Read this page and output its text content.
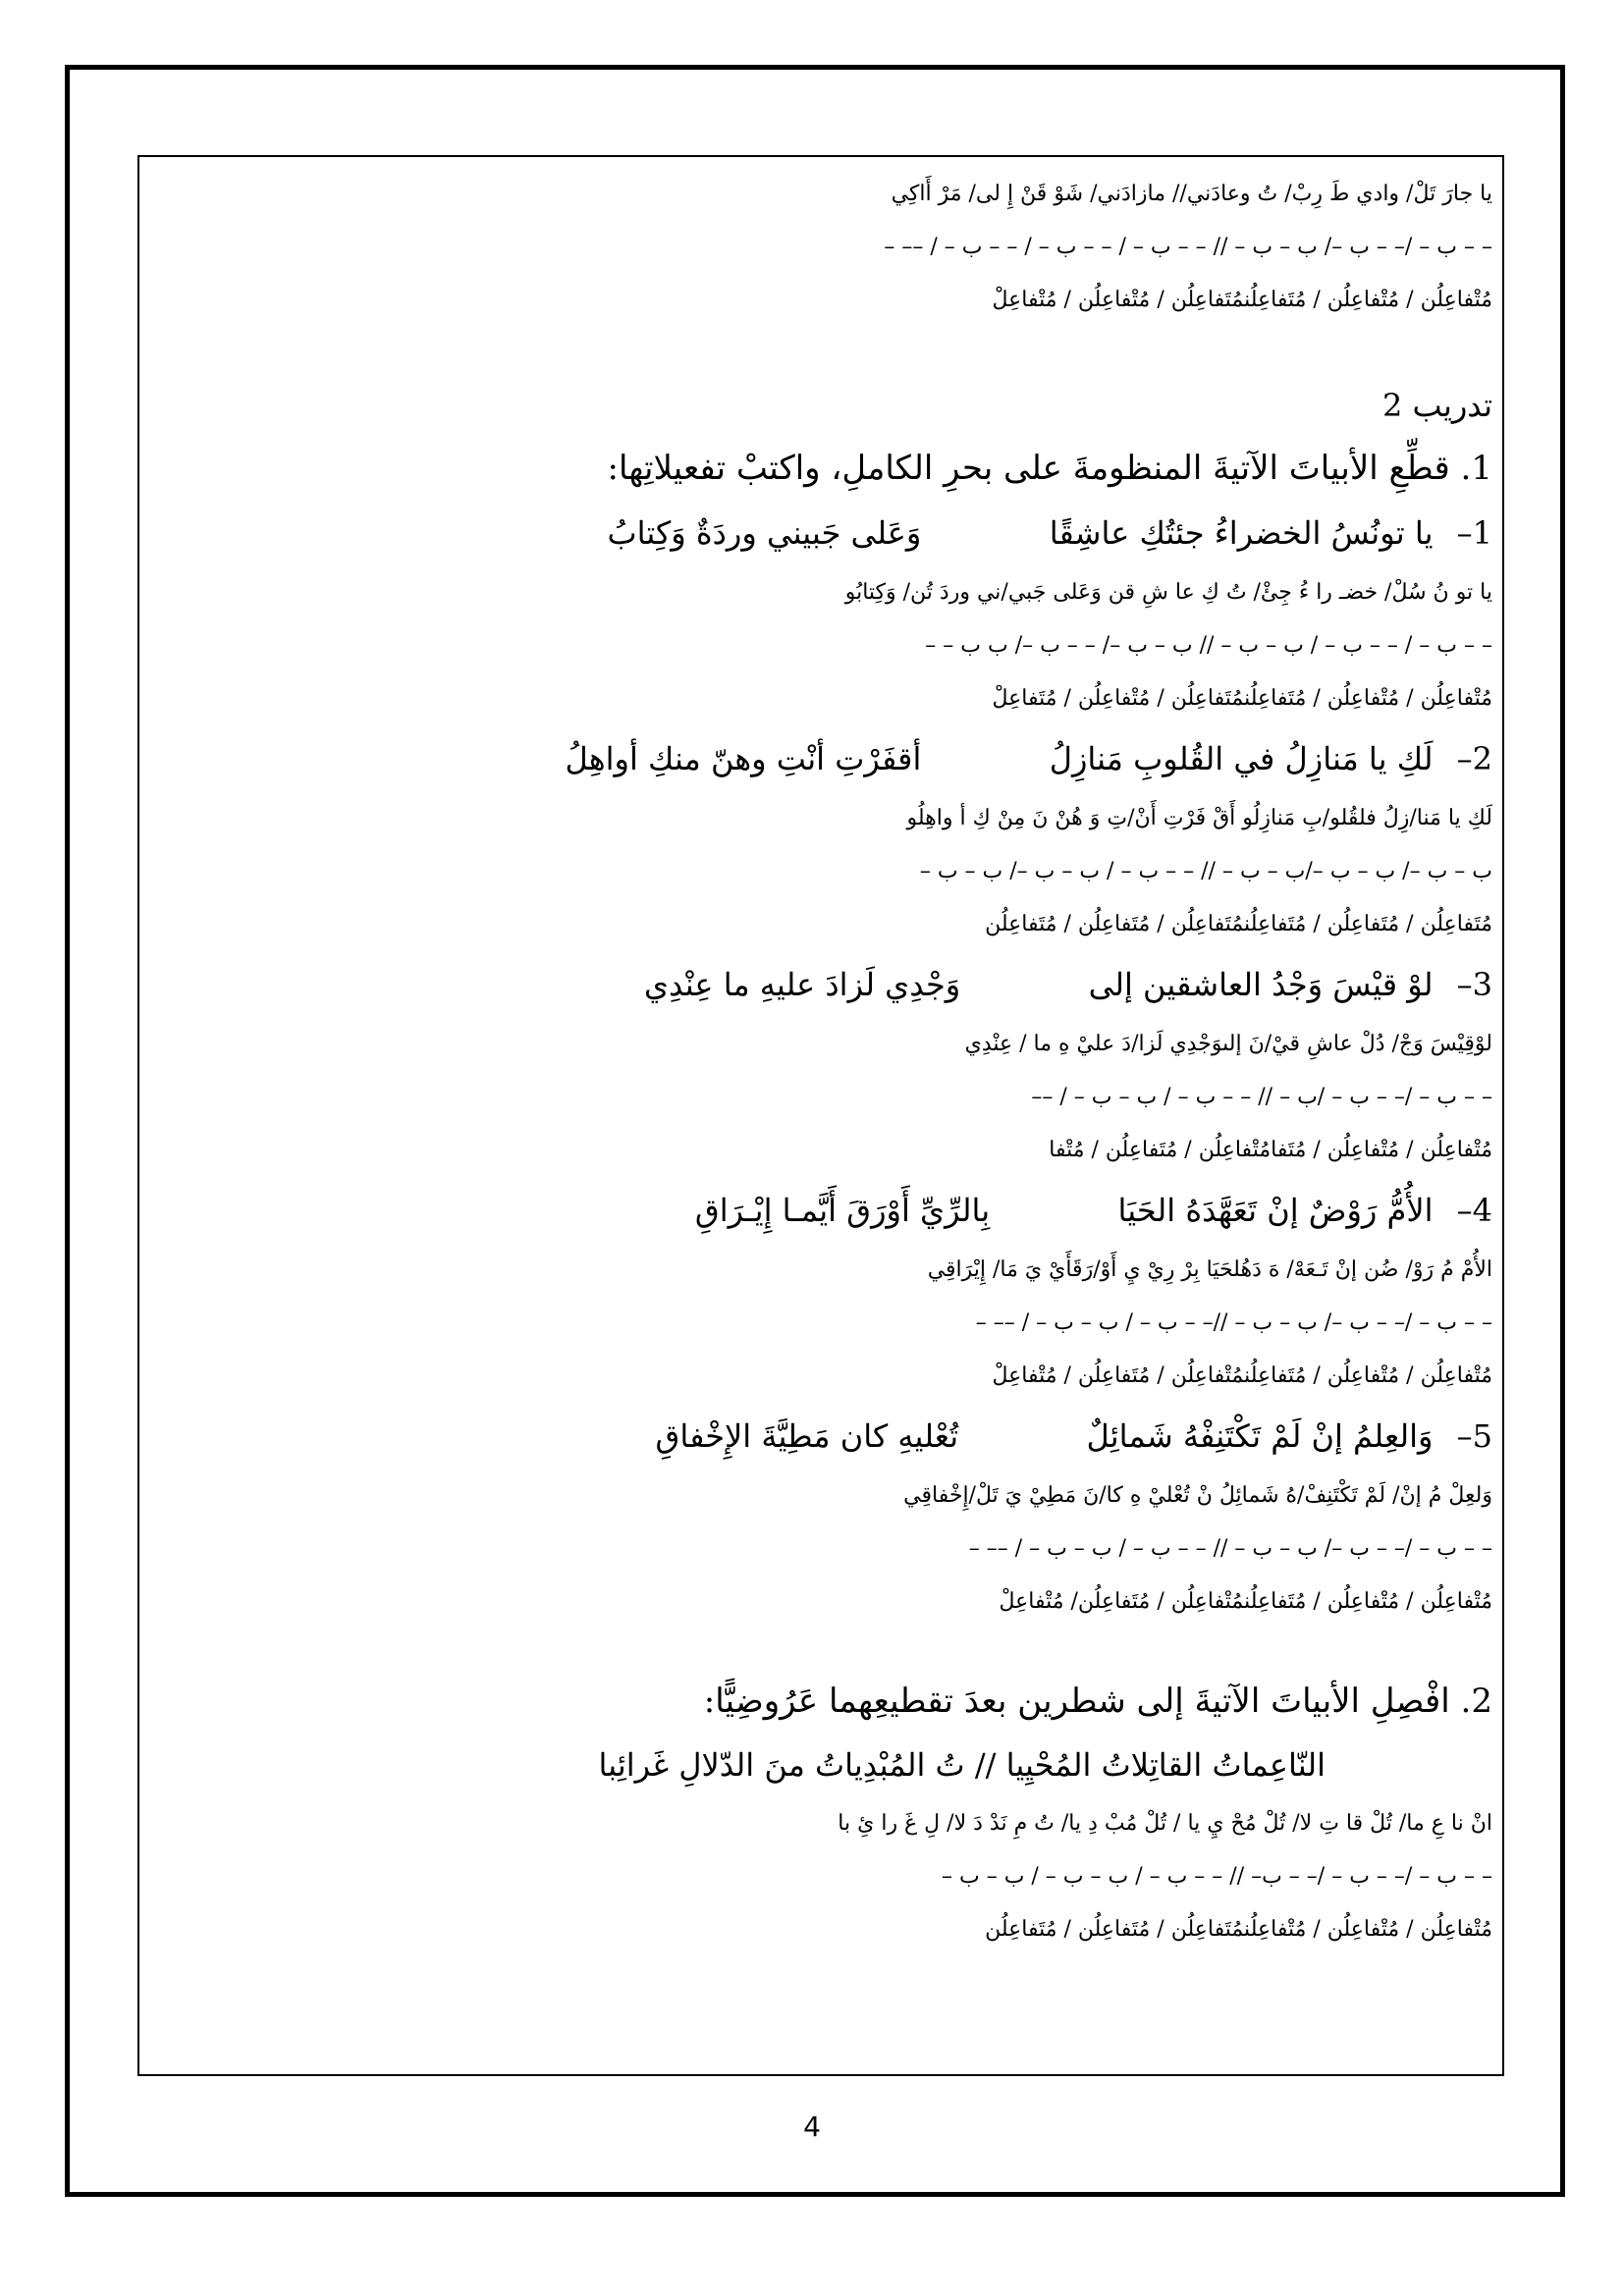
يا جارَ تَلْ/ وادي طَ رِبْ/ تُ وعادَني// مازادَني/ شَوْ قَنْ إِ لى/ مَرْ أَاكِي
– – ب – /– – ب –/ ب – ب – // – – ب – / – – ب – / – – ب – / –– –
مُتْفاعِلُن / مُتْفاعِلُن / مُتَفاعِلُنمُتَفاعِلُن / مُتْفاعِلُن / مُتْفاعِلْ
تدريب 2
1. قطِّعِ الأبياتَ الآتيةَ المنظومةَ على بحرِ الكاملِ، واكتبْ تفعيلاتِها:
1– يا تونُسُ الخضراءُ جئتُكِ عاشِقًا  وَعَلى جَبيني وردَةٌ وَكِتابُ
يا تو نُ سُلْ/ خضـ را ءُ جِئْ/ تُ كِ عا شِ قن وَعَلى جَبي/ني وردَ تُن/ وَكِتابُو
– – ب – / – – ب – / ب – ب – // ب – ب –/ – – ب –/ ب ب – –
مُتْفاعِلُن / مُتْفاعِلُن / مُتَفاعِلُنمُتَفاعِلُن / مُتْفاعِلُن / مُتَفاعِلْ
2– لَكِ يا مَنازِلُ في القُلوبِ مَنازِلُ  أقفَرْتِ أنْتِ وهنّ منكِ أواهِلُ
لَكِ يا مَنا/زِلُ فلقُلو/بِ مَنازِلُو أَقْ فَرْتِ أَنْ/تِ وَ هُنْ نَ مِنْ كِ أ واهِلُو
ب – ب –/ ب – ب –/ب – ب – // – – ب – / ب – ب –/ ب – ب –
مُتَفاعِلُن / مُتَفاعِلُن / مُتَفاعِلُنمُتَفاعِلُن / مُتَفاعِلُن / مُتَفاعِلُن
3– لوْ قيْسَ وَجْدُ العاشقين إلى  وَجْدِي لَزادَ عليهِ ما عِنْدِي
لوْقِيْسَ وَجْ/ دُلْ عاشِ قيْ/نَ إلىوَجْدِي لَزا/دَ عليْ هِ ما / عِنْدِي
– – ب – /– – ب – /ب – // – – ب – / ب – ب – / ––
مُتْفاعِلُن / مُتْفاعِلُن / مُتَفامُتْفاعِلُن / مُتَفاعِلُن / مُتْفا
4– الأُمُّ رَوْضٌ إنْ تَعَهَّدَهُ الحَيَا  بِالرِّيِّ أَوْرَقَ أَيَّمـا إِيْـرَاقِ
الأُمْ مُ رَوْ/ ضُن إنْ تَـعَهْ/ هَ دَهُلحَيَا بِرْ رِيْ يِ أَوْ/رَقَأَيْ يَ مَا/ إِيْرَاقِي
– – ب – /– – ب –/ ب – ب – //– – ب – / ب – ب – / –– –
مُتْفاعِلُن / مُتْفاعِلُن / مُتَفاعِلُنمُتْفاعِلُن / مُتَفاعِلُن / مُتْفاعِلْ
5– وَالعِلمُ إنْ لَمْ تَكْتَنِفْهُ شَمائِلٌ  تُعْليهِ كان مَطِيَّةَ الإِخْفاقِ
وَلعِلْ مُ إنْ/ لَمْ تَكْتَنِفْ/هُ شَمائِلُ نْ تُعْليْ هِ كا/نَ مَطِيْ يَ تَلْ/إِخْفاقِي
– – ب – /– – ب –/ ب – ب – // – – ب – / ب – ب – / –– –
مُتْفاعِلُن / مُتْفاعِلُن / مُتَفاعِلُنمُتْفاعِلُن / مُتَفاعِلُن/ مُتْفاعِلْ
2. افْصِلِ الأبياتَ الآتيةَ إلى شطرين بعدَ تقطيعِهما عَرُوضِيًّا:
النّاعِماتُ القاتِلاتُ المُحْيِيا // تُ المُبْدِياتُ منَ الدّلالِ غَرائِبا
انْ نا عِ ما/ تُلْ قا تِ لا/ تُلْ مُحْ يِ يا / تُلْ مُبْ دِ يا/ تُ مِ نَدْ دَ لا/ لِ غَ را ئِ با
– – ب – /– – ب – /– – ب– // – – ب – / ب – ب – / ب – ب –
مُتْفاعِلُن / مُتْفاعِلُن / مُتْفاعِلُنمُتَفاعِلُن / مُتَفاعِلُن / مُتَفاعِلُن
4
